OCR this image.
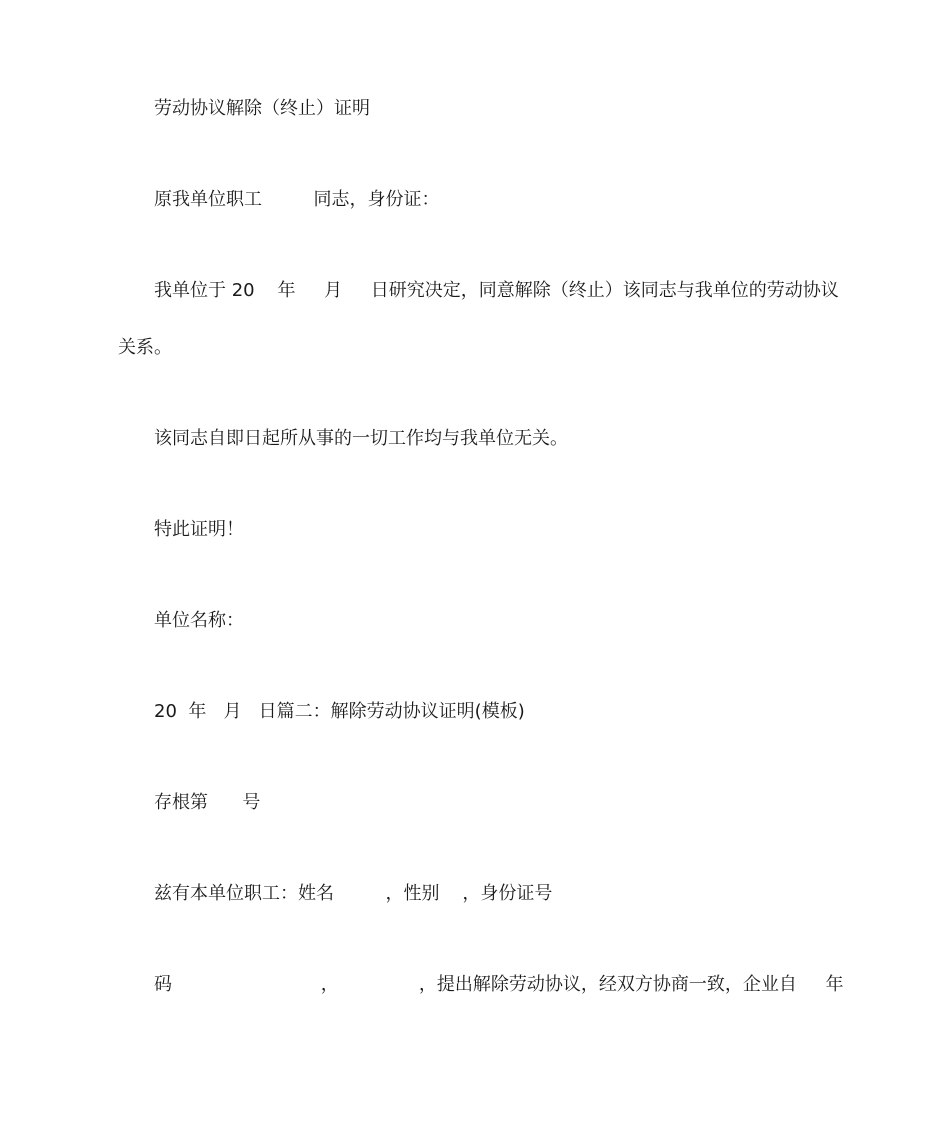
劳动协议解除（终止）证明

原我单位职工         同志，身份证：

我单位于 20    年     月     日研究决定，同意解除（终止）该同志与我单位的劳动协议

关系。

该同志自即日起所从事的一切工作均与我单位无关。

特此证明！

单位名称：

20  年   月   日篇二：解除劳动协议证明(模板)

存根第      号

兹有本单位职工：姓名         ，性别    ，身份证号

码                          ，              ，提出解除劳动协议，经双方协商一致，企业自     年
